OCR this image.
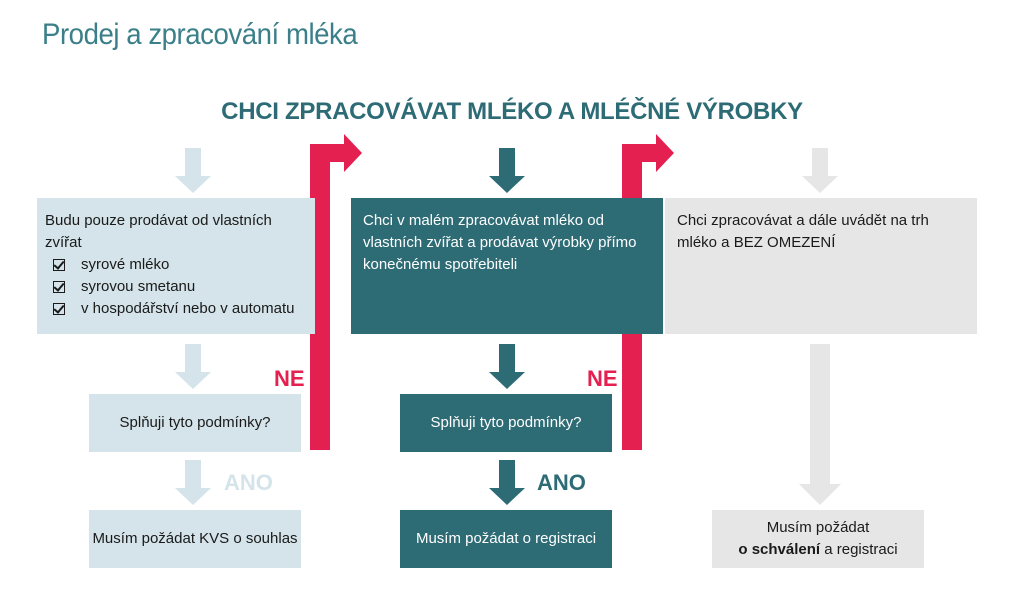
Prodej a zpracování mléka
CHCI ZPRACOVÁVAT MLÉKO A MLÉČNÉ VÝROBKY
Budu pouze prodávat od vlastních zvířat
syrové mléko
syrovou smetanu
v hospodářství nebo v automatu
Chci v malém zpracovávat mléko od vlastních zvířat a prodávat výrobky přímo konečnému spotřebiteli
Chci zpracovávat a dále uvádět na trh mléko a BEZ OMEZENÍ
NE	NE
Splňuji tyto podmínky?	Splňuji tyto podmínky?
ANO	ANO
Musím požádat KVS o souhlas	Musím požádat o registraci
Musím požádat
o schválení a registraci
